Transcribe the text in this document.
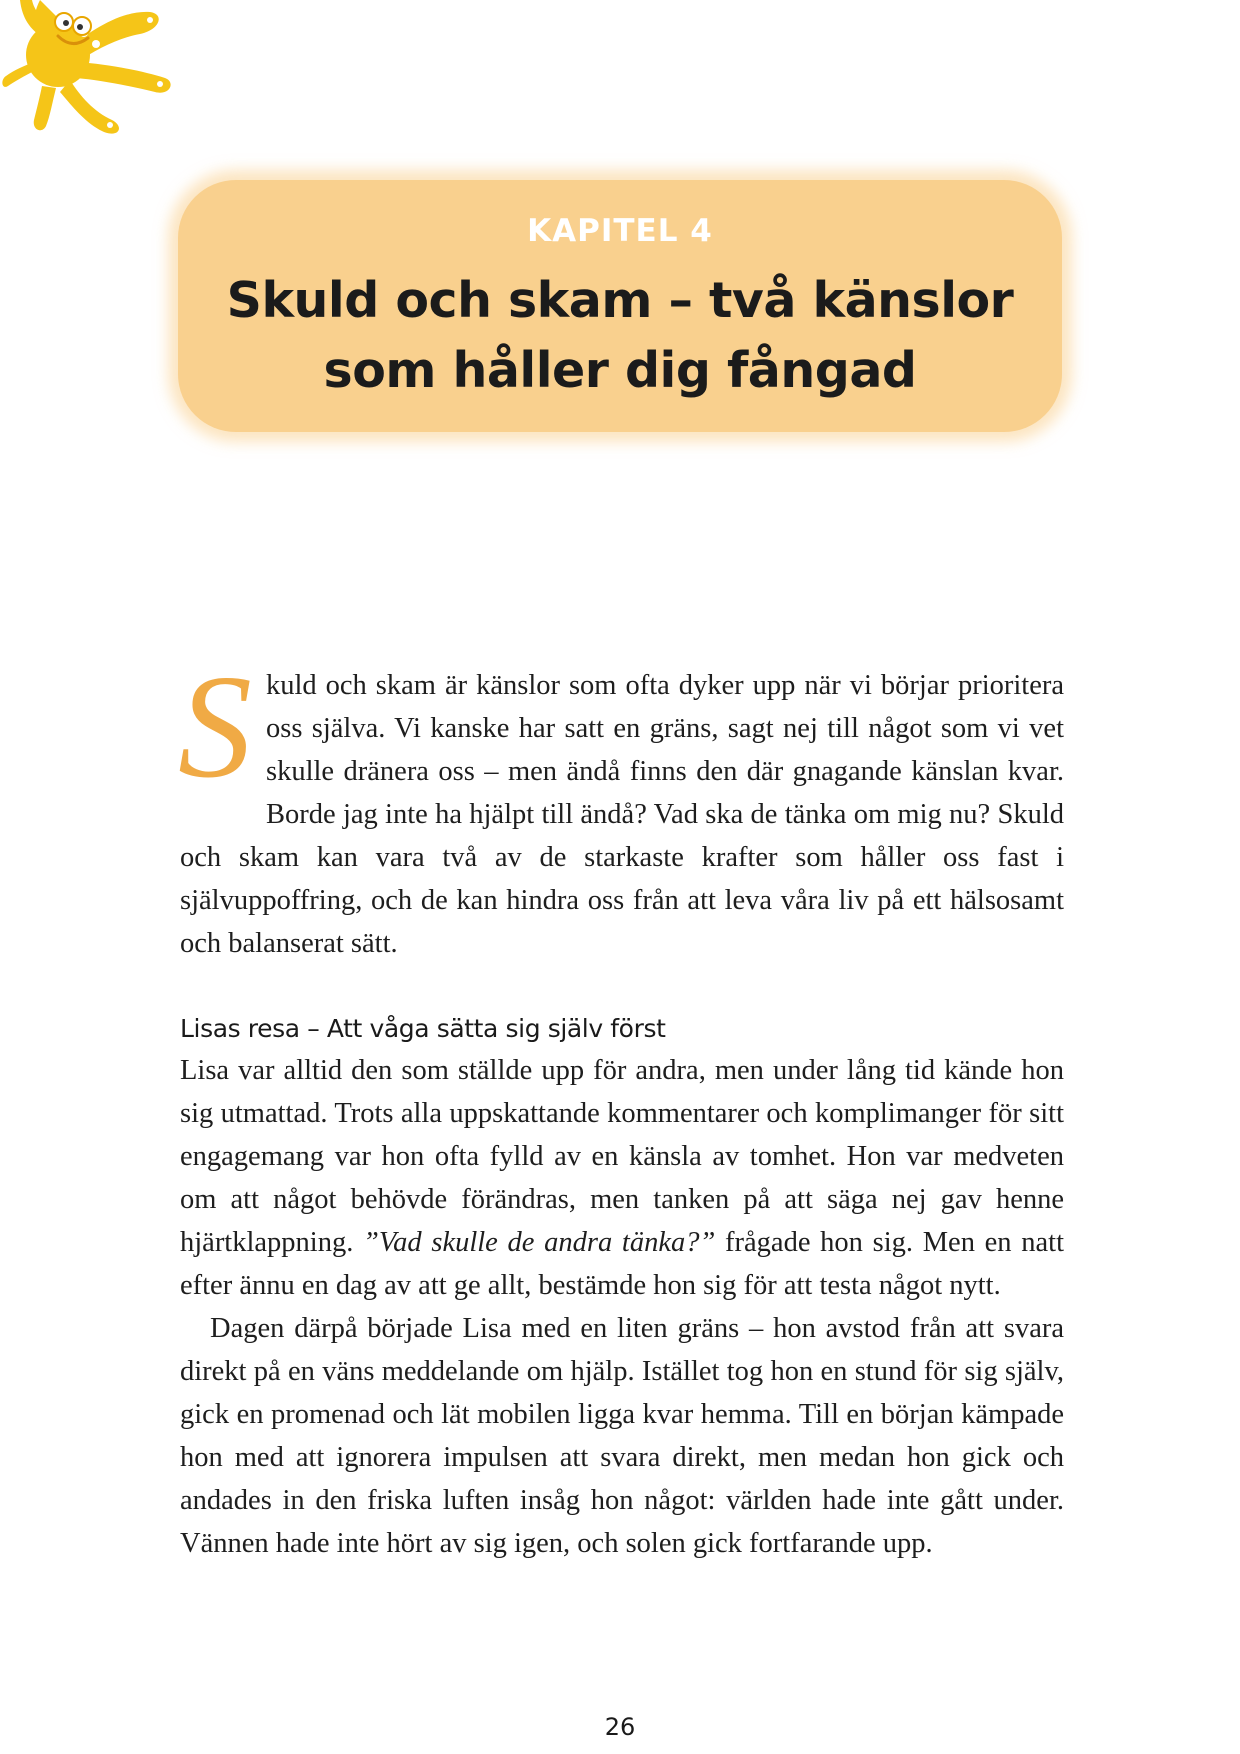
KAPITEL 4
Skuld och skam – två känslor som håller dig fångad

Skuld och skam är känslor som ofta dyker upp när vi börjar prioritera oss själva. Vi kanske har satt en gräns, sagt nej till något som vi vet skulle dränera oss – men ändå finns den där gnagande känslan kvar. Borde jag inte ha hjälpt till ändå? Vad ska de tänka om mig nu? Skuld och skam kan vara två av de starkaste krafter som håller oss fast i självuppoffring, och de kan hindra oss från att leva våra liv på ett hälsosamt och balanserat sätt.

Lisas resa – Att våga sätta sig själv först

Lisa var alltid den som ställde upp för andra, men under lång tid kände hon sig utmattad. Trots alla uppskattande kommentarer och komplimanger för sitt engagemang var hon ofta fylld av en känsla av tomhet. Hon var medveten om att något behövde förändras, men tanken på att säga nej gav henne hjärtklappning. ”Vad skulle de andra tänka?” frågade hon sig. Men en natt efter ännu en dag av att ge allt, bestämde hon sig för att testa något nytt.

Dagen därpå började Lisa med en liten gräns – hon avstod från att svara direkt på en väns meddelande om hjälp. Istället tog hon en stund för sig själv, gick en promenad och lät mobilen ligga kvar hemma. Till en början kämpade hon med att ignorera impulsen att svara direkt, men medan hon gick och andades in den friska luften insåg hon något: världen hade inte gått under. Vännen hade inte hört av sig igen, och solen gick fortfarande upp.

26
